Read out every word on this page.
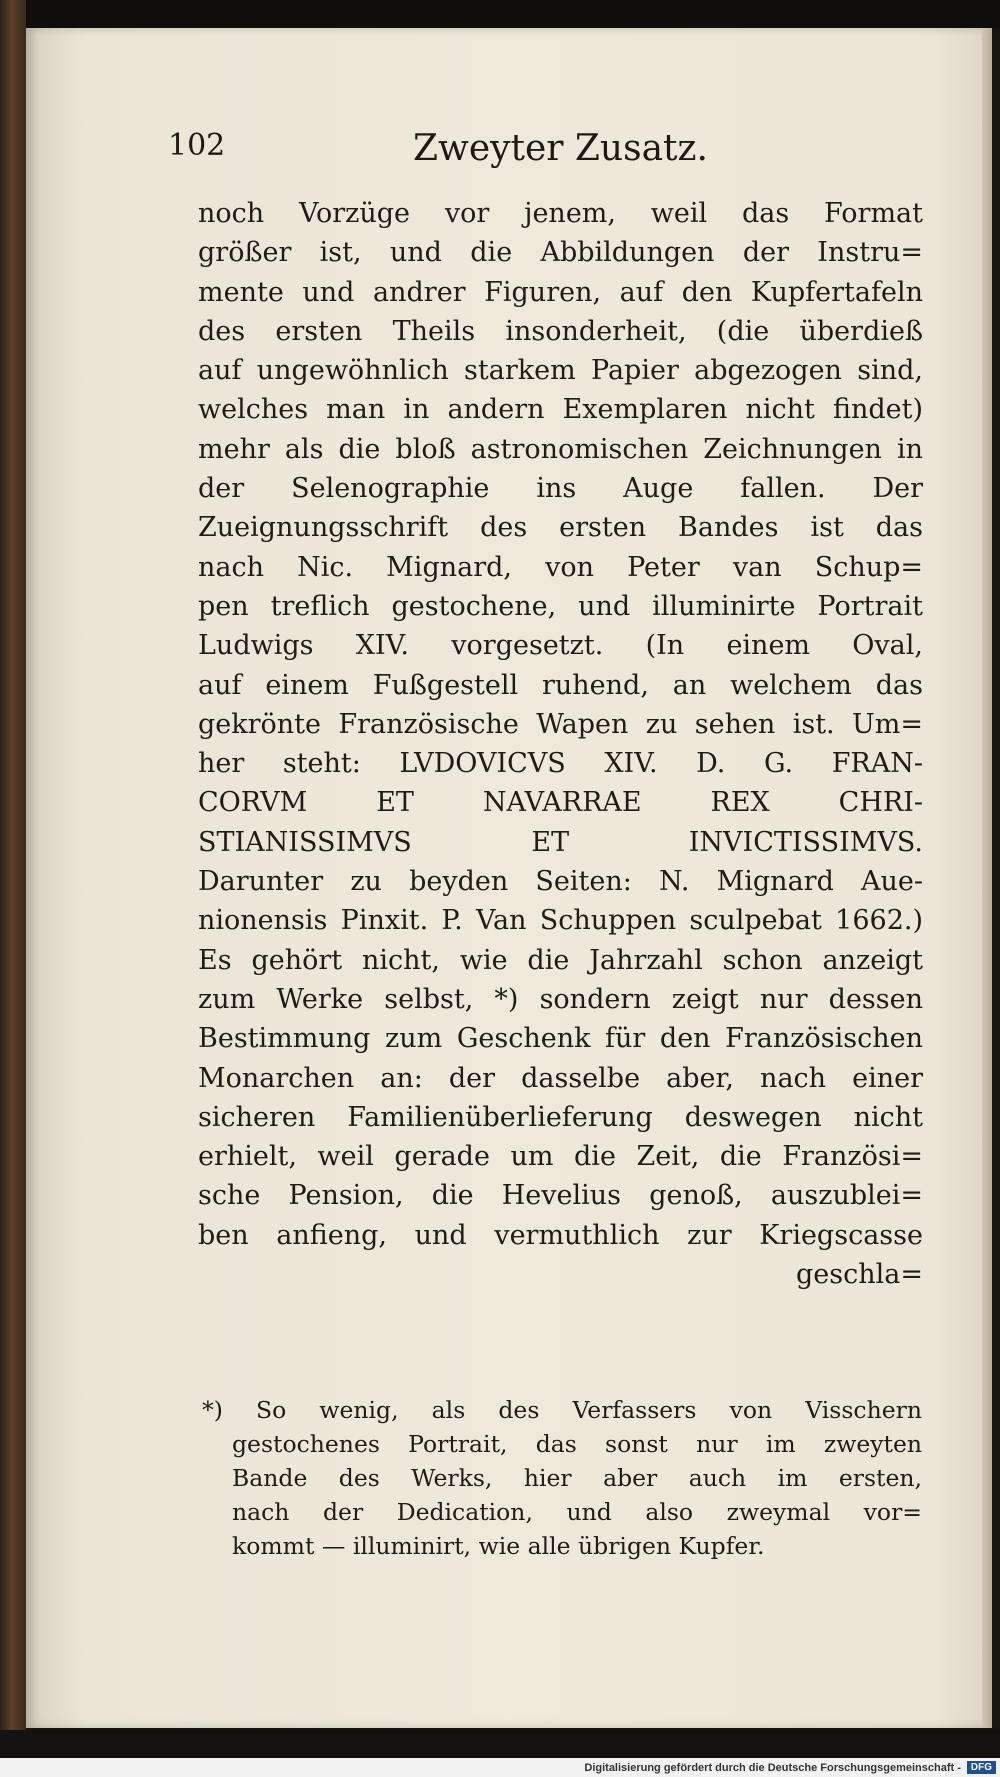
102	Zweyter Zusatz.
noch Vorzüge vor jenem, weil das Format
größer ist, und die Abbildungen der Instru=
mente und andrer Figuren, auf den Kupfertafeln
des ersten Theils insonderheit, (die überdieß
auf ungewöhnlich starkem Papier abgezogen sind,
welches man in andern Exemplaren nicht findet)
mehr als die bloß astronomischen Zeichnungen in
der Selenographie ins Auge fallen. Der
Zueignungsschrift des ersten Bandes ist das
nach Nic. Mignard, von Peter van Schup=
pen treflich gestochene, und illuminirte Portrait
Ludwigs XIV. vorgesetzt. (In einem Oval,
auf einem Fußgestell ruhend, an welchem das
gekrönte Französische Wapen zu sehen ist. Um=
her steht: LVDOVICVS XIV. D. G. FRAN-
CORVM ET NAVARRAE REX CHRI-
STIANISSIMVS ET INVICTISSIMVS.
Darunter zu beyden Seiten: N. Mignard Aue-
nionensis Pinxit. P. Van Schuppen sculpebat 1662.)
Es gehört nicht, wie die Jahrzahl schon anzeigt
zum Werke selbst, *) sondern zeigt nur dessen
Bestimmung zum Geschenk für den Französischen
Monarchen an: der dasselbe aber, nach einer
sicheren Familienüberlieferung deswegen nicht
erhielt, weil gerade um die Zeit, die Französi=
sche Pension, die Hevelius genoß, auszublei=
ben anfieng, und vermuthlich zur Kriegscasse
geschla=
*) So wenig, als des Verfassers von Visschern
gestochenes Portrait, das sonst nur im zweyten
Bande des Werks, hier aber auch im ersten,
nach der Dedication, und also zweymal vor=
kommt — illuminirt, wie alle übrigen Kupfer.
Digitalisierung gefördert durch die Deutsche Forschungsgemeinschaft -	DFG
